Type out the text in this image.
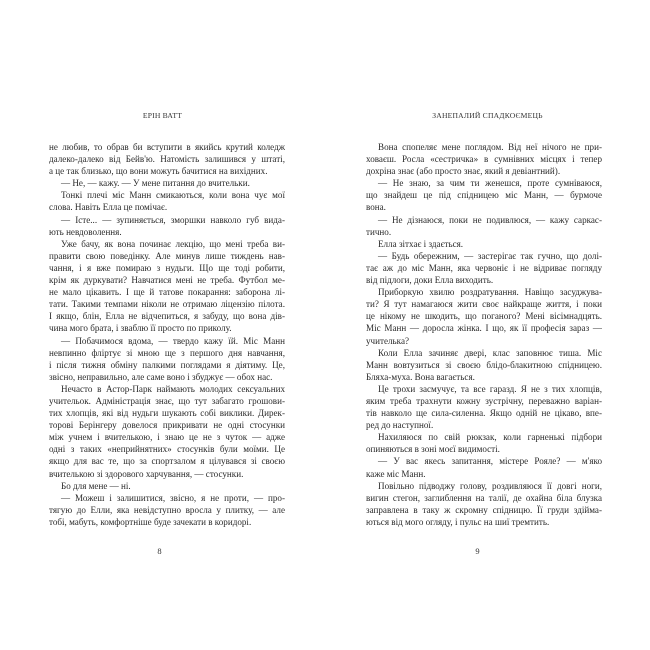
ЕРІН ВАТТ
не любив, то обрав би вступити в якийсь крутий коледж
далеко-далеко від Бейв'ю. Натомість залишився у штаті,
а це так близько, що вони можуть бачитися на вихідних.
— Не, — кажу. — У мене питання до вчительки.
Тонкі плечі міс Манн смикаються, коли вона чує мої
слова. Навіть Елла це помічає.
— Істе... — зупиняється, зморшки навколо губ вида-
ють невдоволення.
Уже бачу, як вона починає лекцію, що мені треба ви-
правити свою поведінку. Але минув лише тиждень нав-
чання, і я вже помираю з нудьги. Що ще тоді робити,
крім як дуркувати? Навчатися мені не треба. Футбол ме-
не мало цікавить. І ще й татове покарання: заборона лі-
тати. Такими темпами ніколи не отримаю ліцензію пілота.
І якщо, блін, Елла не відчепиться, я забуду, що вона дів-
чина мого брата, і зваблю її просто по приколу.
— Побачимося вдома, — твердо кажу їй. Міс Манн
невпинно фліртує зі мною ще з першого дня навчання,
і після тижня обміну палкими поглядами я діятиму. Це,
звісно, неправильно, але саме воно і збуджує — обох нас.
Нечасто в Астор-Парк наймають молодих сексуальних
учительок. Адміністрація знає, що тут забагато грошови-
тих хлопців, які від нудьги шукають собі виклики. Дирек-
торові Берінгеру довелося прикривати не одні стосунки
між учнем і вчителькою, і знаю це не з чуток — адже
одні з таких «неприйнятних» стосунків були моїми. Це
якщо для вас те, що за спортзалом я цілувався зі своєю
вчителькою зі здорового харчування, — стосунки.
Бо для мене — ні.
— Можеш і залишитися, звісно, я не проти, — про-
тягую до Елли, яка невідступно вросла у плитку, — але
тобі, мабуть, комфортніше буде зачекати в коридорі.
8
ЗАНЕПАЛИЙ СПАДКОЄМЕЦЬ
Вона спопеляє мене поглядом. Від неї нічого не при-
ховаєш. Росла «сестричка» в сумнівних місцях і тепер
дохріна знає (або просто знає, який я девіантний).
— Не знаю, за чим ти женешся, проте сумніваюся,
що знайдеш це під спідницею міс Манн, — бурмоче
вона.
— Не дізнаюся, поки не подивлюся, — кажу саркас-
тично.
Елла зітхає і здається.
— Будь обережним, — застерігає так гучно, що долі-
тає аж до міс Манн, яка червоніє і не відриває погляду
від підлоги, доки Елла виходить.
Приборкую хвилю роздратування. Навіщо засуджува-
ти? Я тут намагаюся жити своє найкраще життя, і поки
це нікому не шкодить, що поганого? Мені вісімнадцять.
Міс Манн — доросла жінка. І що, як її професія зараз —
учителька?
Коли Елла зачиняє двері, клас заповнює тиша. Міс
Манн вовтузиться зі своєю блідо-блакитною спідницею.
Бляха-муха. Вона вагається.
Це трохи засмучує, та все гаразд. Я не з тих хлопців,
яким треба трахнути кожну зустрічну, переважно варіан-
тів навколо ще сила-силенна. Якщо одній не цікаво, впе-
ред до наступної.
Нахиляюся по свій рюкзак, коли гарненькі підбори
опиняються в зоні моєї видимості.
— У вас якесь запитання, містере Рояле? — м'яко
каже міс Манн.
Повільно підводжу голову, роздивляюся її довгі ноги,
вигин стегон, заглиблення на талії, де охайна біла блузка
заправлена в таку ж скромну спідницю. Її груди здійма-
ються від мого огляду, і пульс на шиї тремтить.
9
